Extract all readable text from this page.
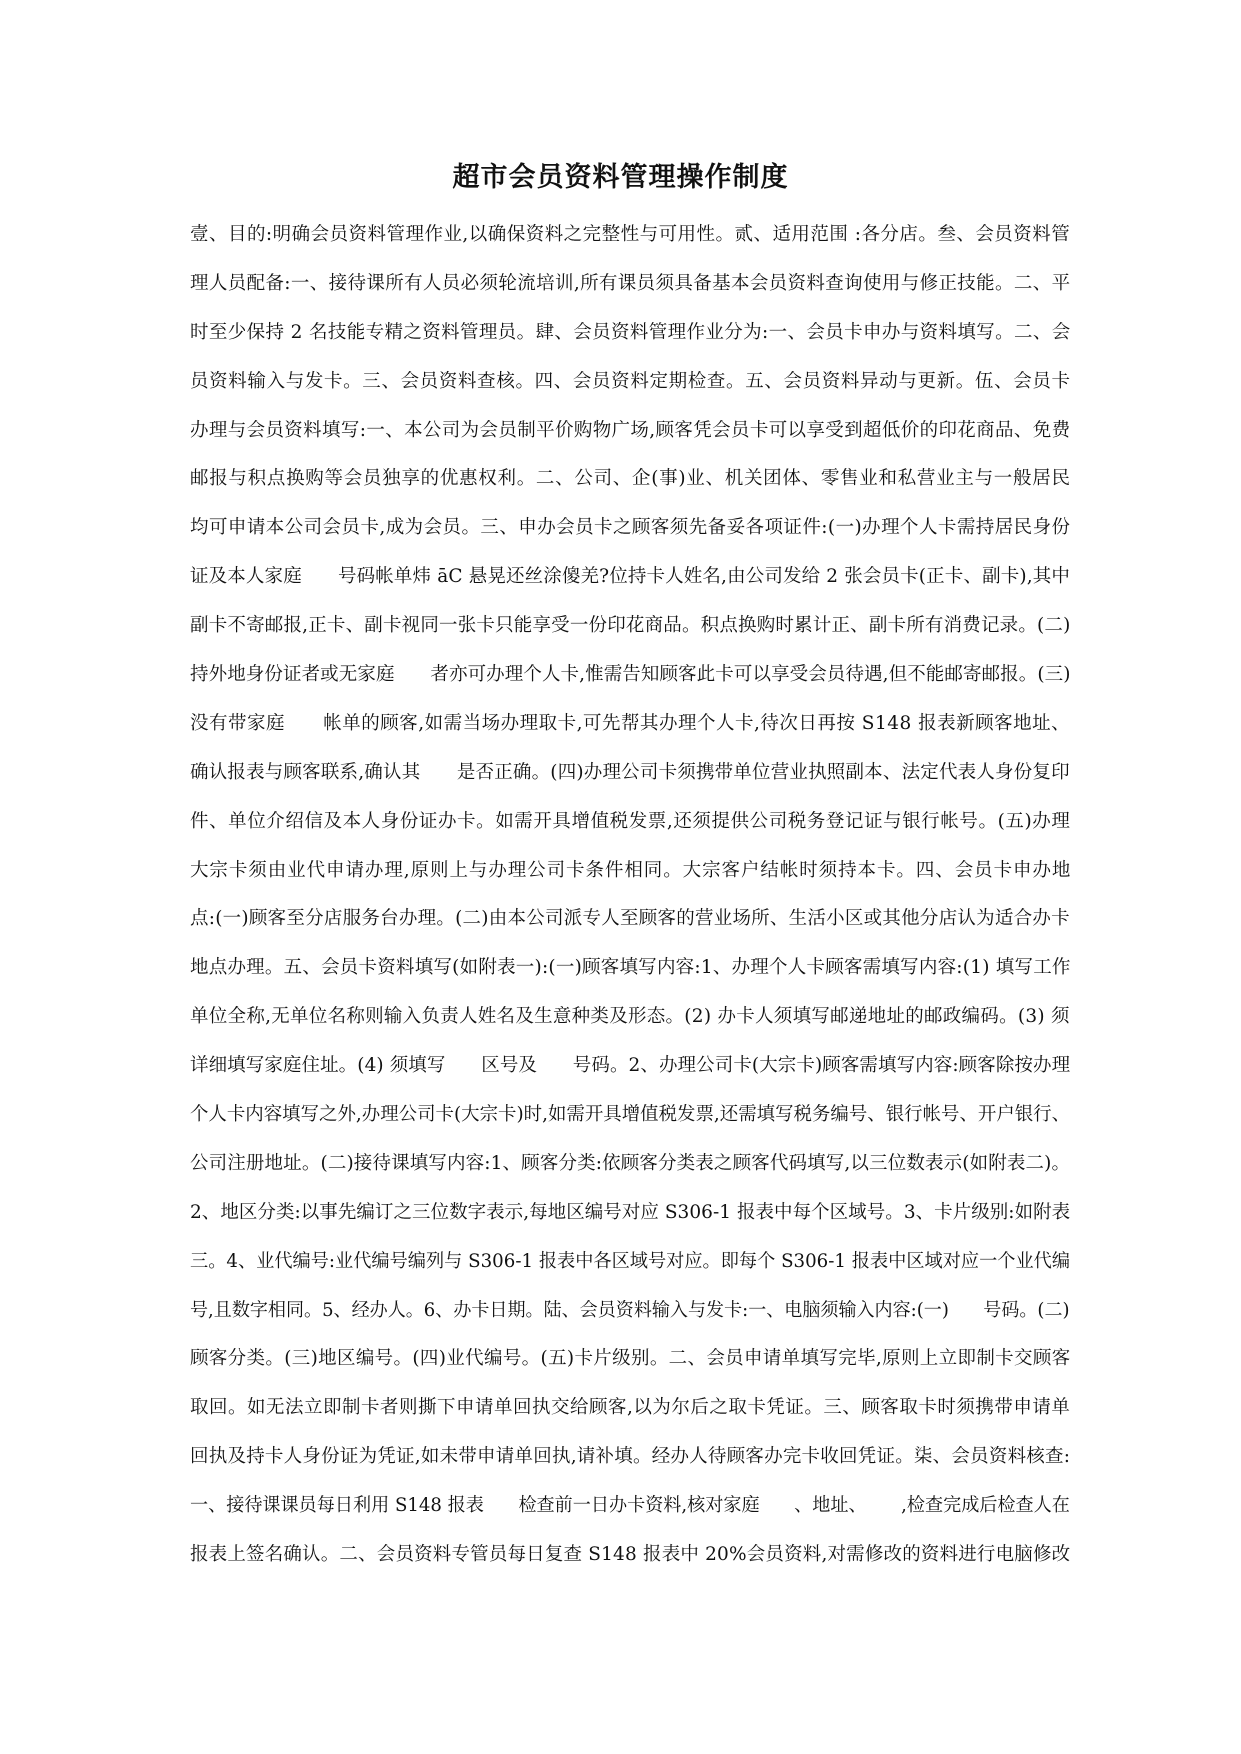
超市会员资料管理操作制度
壹、目的:明确会员资料管理作业,以确保资料之完整性与可用性。贰、适用范围 :各分店。叁、会员资料管
理人员配备:一、接待课所有人员必须轮流培训,所有课员须具备基本会员资料查询使用与修正技能。二、平
时至少保持 2 名技能专精之资料管理员。肆、会员资料管理作业分为:一、会员卡申办与资料填写。二、会
员资料输入与发卡。三、会员资料查核。四、会员资料定期检查。五、会员资料异动与更新。伍、会员卡
办理与会员资料填写:一、本公司为会员制平价购物广场,顾客凭会员卡可以享受到超低价的印花商品、免费
邮报与积点换购等会员独享的优惠权利。二、公司、企(事)业、机关团体、零售业和私营业主与一般居民
均可申请本公司会员卡,成为会员。三、申办会员卡之顾客须先备妥各项证件:(一)办理个人卡需持居民身份
证及本人家庭      号码帐单炜 āC 悬晃还丝涂傻羌?位持卡人姓名,由公司发给 2 张会员卡(正卡、副卡),其中
副卡不寄邮报,正卡、副卡视同一张卡只能享受一份印花商品。积点换购时累计正、副卡所有消费记录。(二)
持外地身份证者或无家庭      者亦可办理个人卡,惟需告知顾客此卡可以享受会员待遇,但不能邮寄邮报。(三)
没有带家庭      帐单的顾客,如需当场办理取卡,可先帮其办理个人卡,待次日再按 S148 报表新顾客地址、
确认报表与顾客联系,确认其      是否正确。(四)办理公司卡须携带单位营业执照副本、法定代表人身份复印
件、单位介绍信及本人身份证办卡。如需开具增值税发票,还须提供公司税务登记证与银行帐号。(五)办理
大宗卡须由业代申请办理,原则上与办理公司卡条件相同。大宗客户结帐时须持本卡。四、会员卡申办地
点:(一)顾客至分店服务台办理。(二)由本公司派专人至顾客的营业场所、生活小区或其他分店认为适合办卡
地点办理。五、会员卡资料填写(如附表一):(一)顾客填写内容:1、办理个人卡顾客需填写内容:(1) 填写工作
单位全称,无单位名称则输入负责人姓名及生意种类及形态。(2) 办卡人须填写邮递地址的邮政编码。(3) 须
详细填写家庭住址。(4) 须填写      区号及      号码。2、办理公司卡(大宗卡)顾客需填写内容:顾客除按办理
个人卡内容填写之外,办理公司卡(大宗卡)时,如需开具增值税发票,还需填写税务编号、银行帐号、开户银行、
公司注册地址。(二)接待课填写内容:1、顾客分类:依顾客分类表之顾客代码填写,以三位数表示(如附表二)。
2、地区分类:以事先编订之三位数字表示,每地区编号对应 S306-1 报表中每个区域号。3、卡片级别:如附表
三。4、业代编号:业代编号编列与 S306-1 报表中各区域号对应。即每个 S306-1 报表中区域对应一个业代编
号,且数字相同。5、经办人。6、办卡日期。陆、会员资料输入与发卡:一、电脑须输入内容:(一)      号码。(二)
顾客分类。(三)地区编号。(四)业代编号。(五)卡片级别。二、会员申请单填写完毕,原则上立即制卡交顾客
取回。如无法立即制卡者则撕下申请单回执交给顾客,以为尔后之取卡凭证。三、顾客取卡时须携带申请单
回执及持卡人身份证为凭证,如未带申请单回执,请补填。经办人待顾客办完卡收回凭证。柒、会员资料核查:
一、接待课课员每日利用 S148 报表      检查前一日办卡资料,核对家庭      、地址、      ,检查完成后检查人在
报表上签名确认。二、会员资料专管员每日复查 S148 报表中 20%会员资料,对需修改的资料进行电脑修改
